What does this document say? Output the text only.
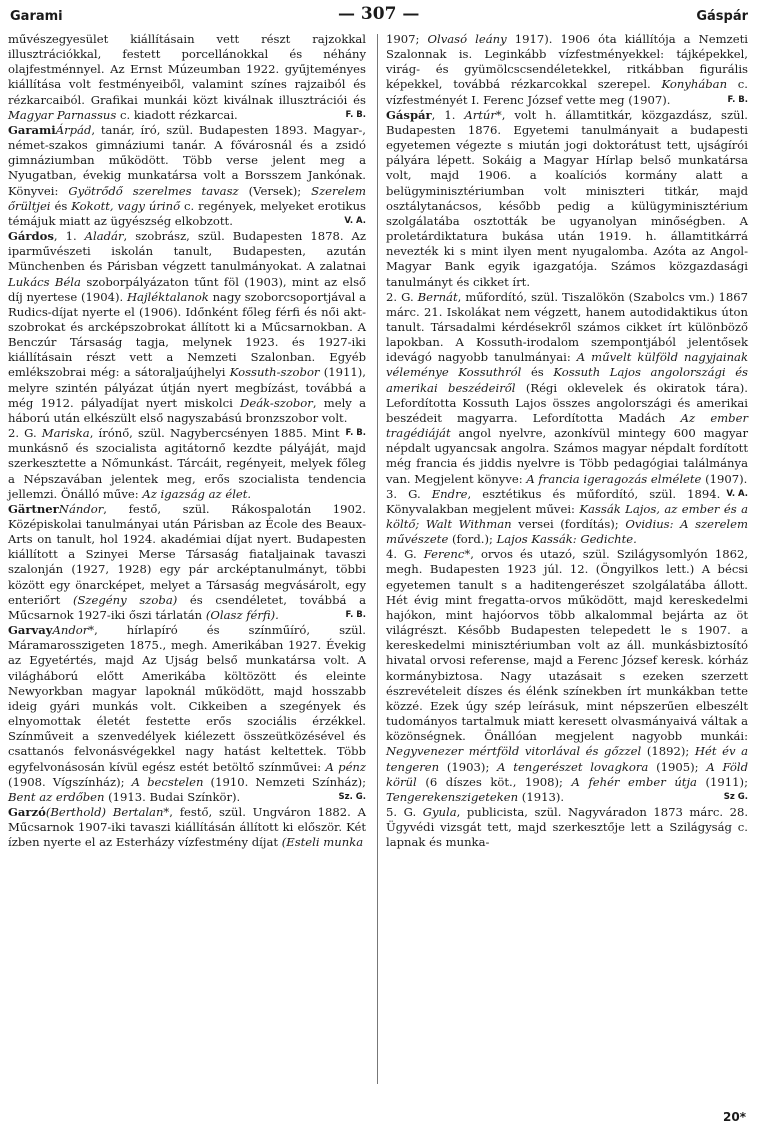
Garami	— 307 —	Gáspár

művészegyesület kiállításain vett részt rajzokkal illusztrációkkal, festett porcellánokkal és néhány olajfestménnyel. Az Ernst Múzeumban 1922. gyűjteményes kiállítása volt festményeiből, valamint színes rajzaiból és rézkarcaiból. Grafikai munkái közt kiválnak illusztrációi és Magyar Parnassus c. kiadott rézkarcai.	F. B.

GaramiÁrpád, tanár, író, szül. Budapesten 1893. Magyar-, német-szakos gimnáziumi tanár. A fővárosnál és a zsidó gimnáziumban működött. Több verse jelent meg a Nyugatban, évekig munkatársa volt a Borsszem Jankónak. Könyvei: Gyötrődő szerelmes tavasz (Versek); Szerelem őrültjei és Kokott, vagy úrinő c. regények, melyeket erotikus témájuk miatt az ügyészség elkobzott.	V. A.

Gárdos, 1. Aladár, szobrász, szül. Budapesten 1878. Az iparművészeti iskolán tanult, Budapesten, azután Münchenben és Párisban végzett tanulmányokat. A zalatnai Lukács Béla szoborpályázaton tűnt föl (1903), mint az első díj nyertese (1904). Hajléktalanok nagy szoborcsoportjával a Rudics-díjat nyerte el (1906). Időnként főleg férfi és női akt-szobrokat és arcképszobrokat állított ki a Műcsarnokban. A Benczúr Társaság tagja, melynek 1923. és 1927-iki kiállításain részt vett a Nemzeti Szalonban. Egyéb emlékszobrai még: a sátoraljaújhelyi Kossuth-szobor (1911), melyre szintén pályázat útján nyert megbízást, továbbá a még 1912. pályadíjat nyert miskolci Deák-szobor, mely a háború után elkészült első nagyszabású bronzszobor volt.
F. B.

2. G. Mariska, írónő, szül. Nagybercsényen 1885. Mint munkásnő és szocialista agitátornő kezdte pályáját, majd szerkesztette a Nőmunkást. Tárcáit, regényeit, melyek főleg a Népszavában jelentek meg, erős szocialista tendencia jellemzi. Önálló műve: Az igazság az élet.

GärtnerNándor, festő, szül. Rákospalotán 1902. Középiskolai tanulmányai után Párisban az École des Beaux-Arts on tanult, hol 1924. akadémiai díjat nyert. Budapesten kiállított a Szinyei Merse Társaság fiataljainak tavaszi szalonján (1927, 1928) egy pár arcképtanulmányt, többi között egy önarcképet, melyet a Társaság megvásárolt, egy enteriőrt (Szegény szoba) és csendéletet, továbbá a Műcsarnok 1927-iki őszi tárlatán (Olasz férfi).	F. B.

GarvayAndor*, hírlapíró és színműíró, szül. Máramarosszigeten 1875., megh. Amerikában 1927. Évekig az Egyetértés, majd Az Ujság belső munkatársa volt. A világháború előtt Amerikába költözött és eleinte Newyorkban magyar lapoknál működött, majd hosszabb ideig gyári munkás volt. Cikkeiben a szegények és elnyomottak életét festette erős szociális érzékkel. Színműveit a szenvedélyek kiélezett összeütközésével és csattanós felvonásvégekkel nagy hatást keltettek. Több egyfelvonásosán kívül egész estét betöltő színművei: A pénz (1908. Vígszínház); A becstelen (1910. Nemzeti Színház); Bent az erdőben (1913. Budai Színkör).	Sz. G.

Garzó(Berthold) Bertalan*, festő, szül. Ungváron 1882. A Műcsarnok 1907-iki tavaszi kiállításán állított ki először. Két ízben nyerte el az Esterházy vízfestmény díjat (Esteli munka

1907; Olvasó leány 1917). 1906 óta kiállítója a Nemzeti Szalonnak is. Leginkább vízfestményekkel: tájképekkel, virág- és gyümölcscsendéletekkel, ritkábban figurális képekkel, továbbá rézkarcokkal szerepel. Konyhában c. vízfestményét I. Ferenc József vette meg (1907).	F. B.

Gáspár, 1. Artúr*, volt h. államtitkár, közgazdász, szül. Budapesten 1876. Egyetemi tanulmányait a budapesti egyetemen végezte s miután jogi doktorátust tett, ujságírói pályára lépett. Sokáig a Magyar Hírlap belső munkatársa volt, majd 1906. a koalíciós kormány alatt a belügyminisztériumban volt miniszteri titkár, majd osztálytanácsos, később pedig a külügyminisztérium szolgálatába osztották be ugyanolyan minőségben. A proletárdiktatura bukása után 1919. h. államtitkárrá nevezték ki s mint ilyen ment nyugalomba. Azóta az Angol-Magyar Bank egyik igazgatója. Számos közgazdasági tanulmányt és cikket írt.

2. G. Bernát, műfordító, szül. Tiszalökön (Szabolcs vm.) 1867 márc. 21. Iskolákat nem végzett, hanem autodidaktikus úton tanult. Társadalmi kérdésekről számos cikket írt különböző lapokban. A Kossuth-irodalom szempontjából jelentősek idevágó nagyobb tanulmányai: A művelt külföld nagyjainak véleménye Kossuthról és Kossuth Lajos angolországi és amerikai beszédeiről (Régi oklevelek és okiratok tára). Lefordította Kossuth Lajos összes angolországi és amerikai beszédeit magyarra. Lefordította Madách Az ember tragédiáját angol nyelvre, azonkívül mintegy 600 magyar népdalt ugyancsak angolra. Számos magyar népdalt fordított még francia és jiddis nyelvre is Több pedagógiai találmánya van. Megjelent könyve: A francia igeragozás elmélete (1907).
V. A.

3. G. Endre, esztétikus és műfordító, szül. 1894. Könyvalakban megjelent művei: Kassák Lajos, az ember és a költő; Walt Withman versei (fordítás); Ovidius: A szerelem művészete (ford.); Lajos Kassák: Gedichte.

4. G. Ferenc*, orvos és utazó, szül. Szilágysomlyón 1862, megh. Budapesten 1923 júl. 12. (Öngyilkos lett.) A bécsi egyetemen tanult s a haditengerészet szolgálatába állott. Hét évig mint fregatta-orvos működött, majd kereskedelmi hajókon, mint hajóorvos több alkalommal bejárta az öt világrészt. Később Budapesten telepedett le s 1907. a kereskedelmi minisztériumban volt az áll. munkásbiztosító hivatal orvosi referense, majd a Ferenc József keresk. kórház kormánybiztosa. Nagy utazásait s ezeken szerzett észrevételeit díszes és élénk színekben írt munkákban tette közzé. Ezek úgy szép leírásuk, mint népszerűen elbeszélt tudományos tartalmuk miatt keresett olvasmányaivá váltak a közönségnek. Önállóan megjelent nagyobb munkái: Negyvenezer mértföld vitorlával és gőzzel (1892); Hét év a tengeren (1903); A tengerészet lovagkora (1905); A Föld körül (6 díszes köt., 1908); A fehér ember útja (1911); Tengerekenszigeteken (1913).	Sz G.

5. G. Gyula, publicista, szül. Nagyváradon 1873 márc. 28. Ügyvédi vizsgát tett, majd szerkesztője lett a Szilágyság c. lapnak és munka-

20*
